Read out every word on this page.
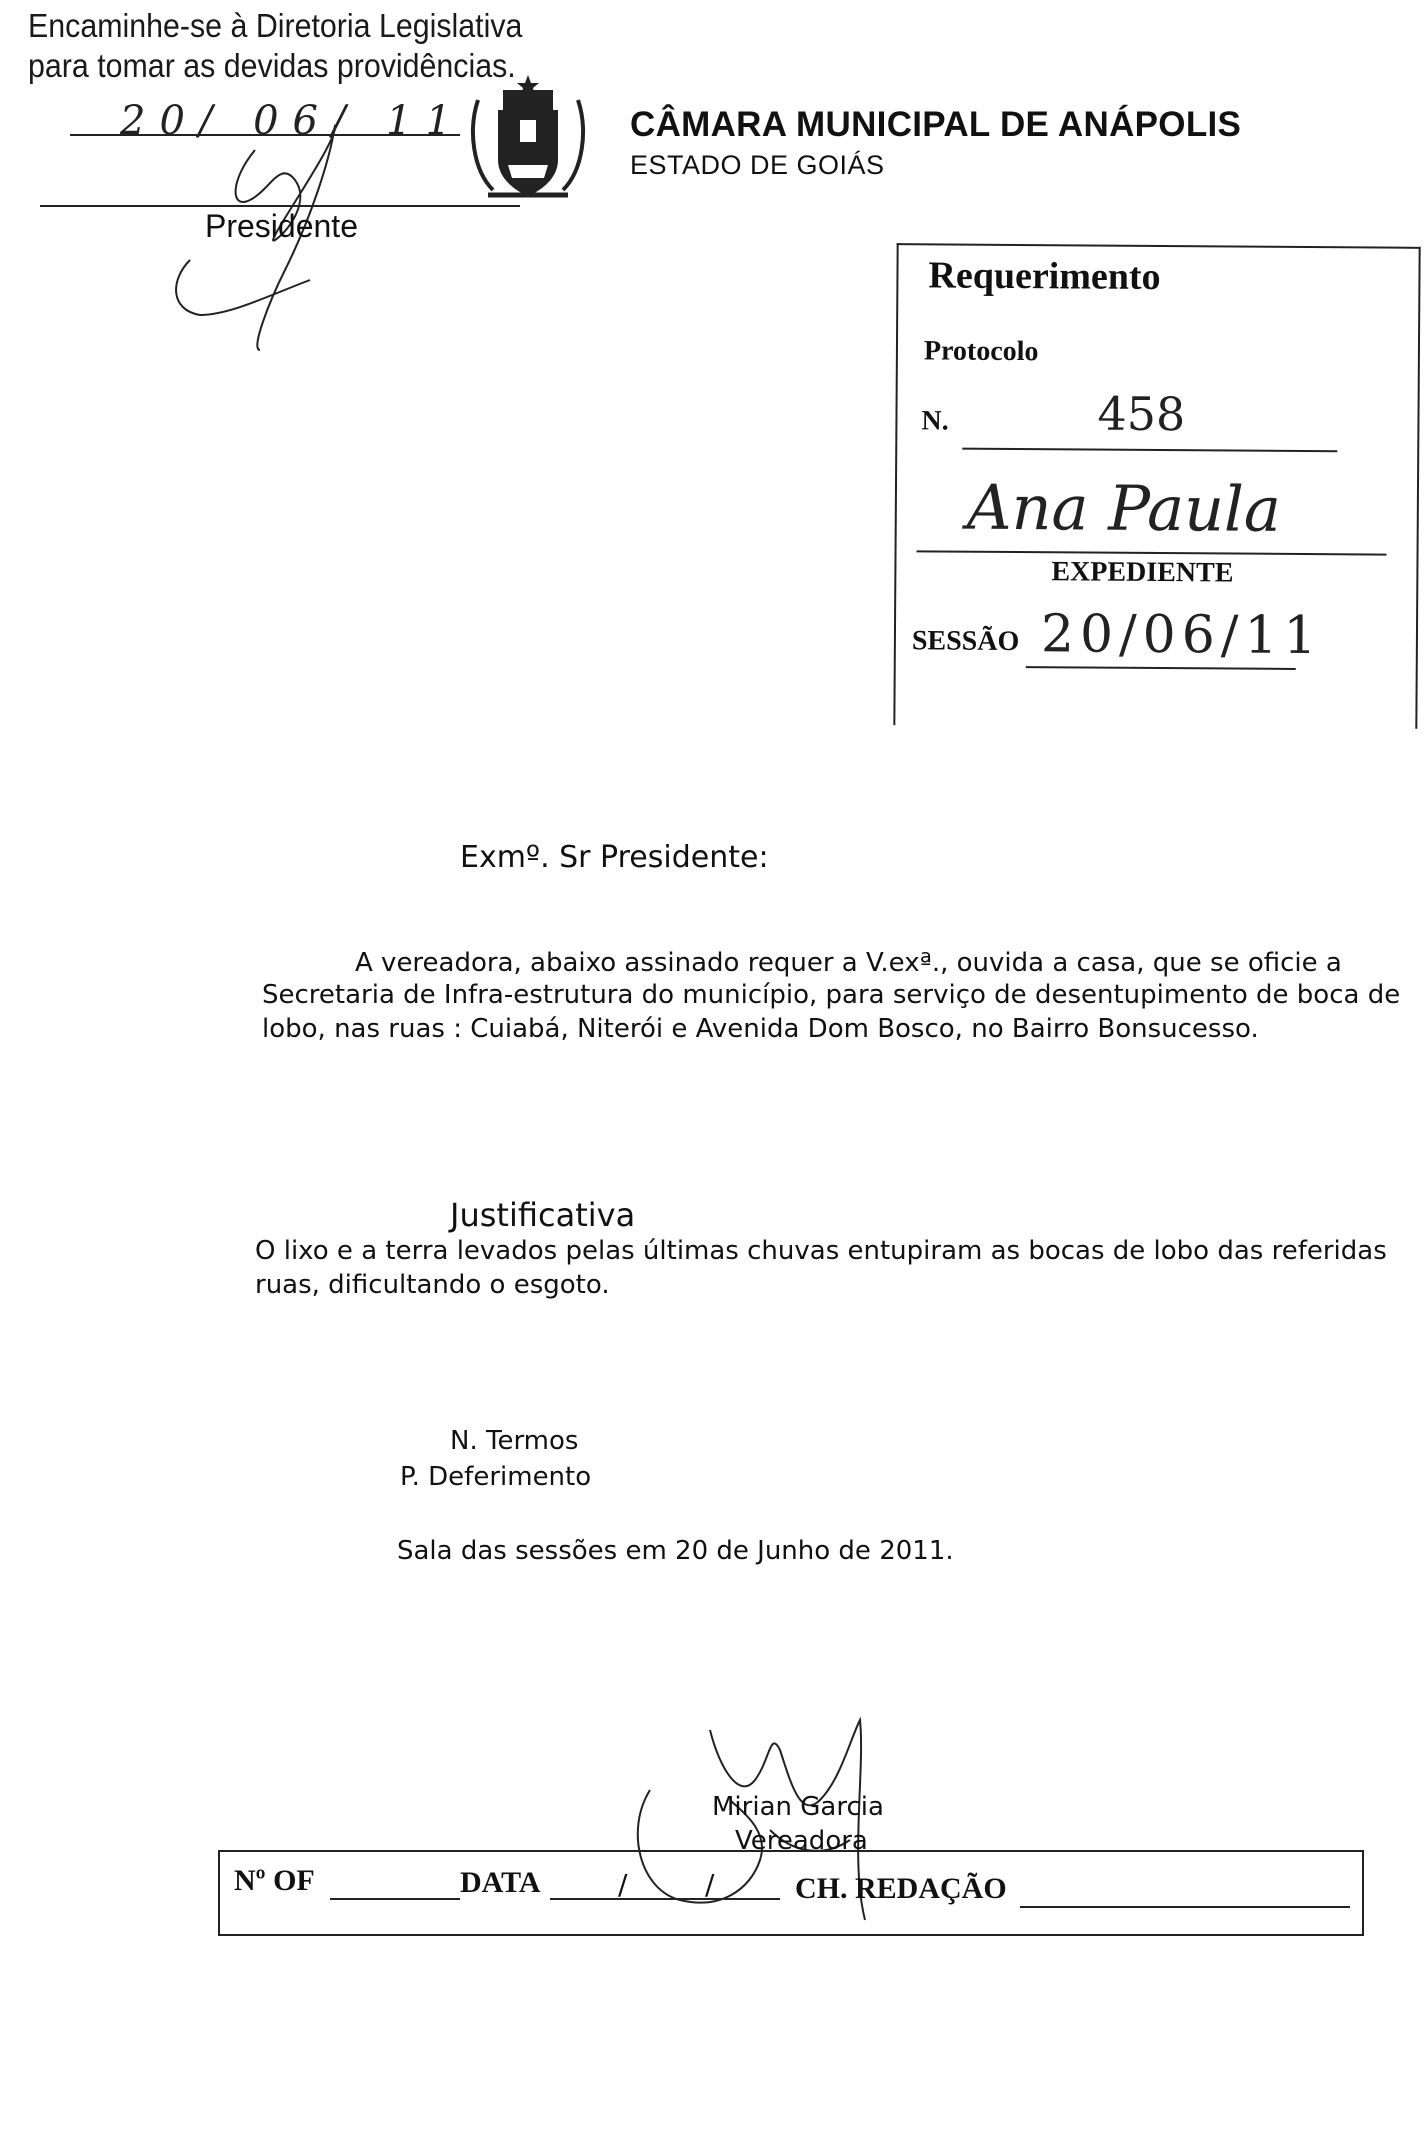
Encaminhe-se à Diretoria Legislativa
para tomar as devidas providências.
20/ 06/ 11
Presidente
CÂMARA MUNICIPAL DE ANÁPOLIS
ESTADO DE GOIÁS
Requerimento
Protocolo
N.	458
Ana Paula
EXPEDIENTE
SESSÃO 20/06/11
Exmº. Sr Presidente:
A vereadora, abaixo assinado requer a V.exª., ouvida a casa, que se oficie a
Secretaria de Infra-estrutura do município, para serviço de desentupimento de boca de
lobo, nas ruas : Cuiabá, Niterói e Avenida Dom Bosco, no Bairro Bonsucesso.
Justificativa
O lixo e a terra levados pelas últimas chuvas entupiram as bocas de lobo das referidas
ruas, dificultando o esgoto.
N. Termos
P. Deferimento
Sala das sessões em 20 de Junho de 2011.
Mirian Garcia
Vereadora
Nº OF	DATA	/	/	CH. REDAÇÃO
